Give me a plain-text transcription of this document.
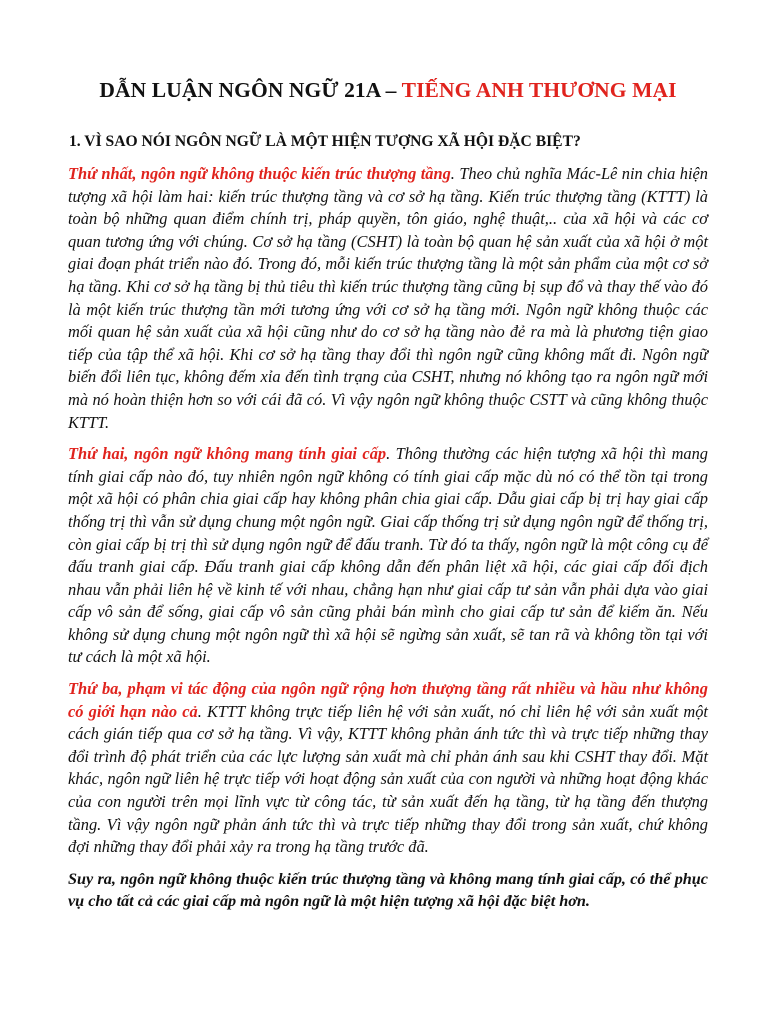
DẪN LUẬN NGÔN NGỮ 21A – TIẾNG ANH THƯƠNG MẠI
1. VÌ SAO NÓI NGÔN NGỮ LÀ MỘT HIỆN TƯỢNG XÃ HỘI ĐẶC BIỆT?

Thứ nhất, ngôn ngữ không thuộc kiến trúc thượng tầng. Theo chủ nghĩa Mác-Lê nin chia hiện tượng xã hội làm hai: kiến trúc thượng tầng và cơ sở hạ tầng. Kiến trúc thượng tầng (KTTT) là toàn bộ những quan điểm chính trị, pháp quyền, tôn giáo, nghệ thuật,.. của xã hội và các cơ quan tương ứng với chúng. Cơ sở hạ tầng (CSHT) là toàn bộ quan hệ sản xuất của xã hội ở một giai đoạn phát triển nào đó. Trong đó, mỗi kiến trúc thượng tầng là một sản phẩm của một cơ sở hạ tầng. Khi cơ sở hạ tầng bị thủ tiêu thì kiến trúc thượng tầng cũng bị sụp đổ và thay thế vào đó là một kiến trúc thượng tần mới tương ứng với cơ sở hạ tầng mới. Ngôn ngữ không thuộc các mối quan hệ sản xuất của xã hội cũng như do cơ sở hạ tầng nào đẻ ra mà là phương tiện giao tiếp của tập thể xã hội. Khi cơ sở hạ tầng thay đổi thì ngôn ngữ cũng không mất đi. Ngôn ngữ biến đổi liên tục, không đếm xỉa đến tình trạng của CSHT, nhưng nó không tạo ra ngôn ngữ mới mà nó hoàn thiện hơn so với cái đã có. Vì vậy ngôn ngữ không thuộc CSTT và cũng không thuộc KTTT.

Thứ hai, ngôn ngữ không mang tính giai cấp. Thông thường các hiện tượng xã hội thì mang tính giai cấp nào đó, tuy nhiên ngôn ngữ không có tính giai cấp mặc dù nó có thể tồn tại trong một xã hội có phân chia giai cấp hay không phân chia giai cấp. Dẫu giai cấp bị trị hay giai cấp thống trị thì vẫn sử dụng chung một ngôn ngữ. Giai cấp thống trị sử dụng ngôn ngữ để thống trị, còn giai cấp bị trị thì sử dụng ngôn ngữ để đấu tranh. Từ đó ta thấy, ngôn ngữ là một công cụ để đấu tranh giai cấp. Đấu tranh giai cấp không dẫn đến phân liệt xã hội, các giai cấp đối địch nhau vẫn phải liên hệ về kinh tế với nhau, chẳng hạn như giai cấp tư sản vẫn phải dựa vào giai cấp vô sản để sống, giai cấp vô sản cũng phải bán mình cho giai cấp tư sản để kiếm ăn. Nếu không sử dụng chung một ngôn ngữ thì xã hội sẽ ngừng sản xuất, sẽ tan rã và không tồn tại với tư cách là một xã hội.

Thứ ba, phạm vi tác động của ngôn ngữ rộng hơn thượng tầng rất nhiều và hầu như không có giới hạn nào cả. KTTT không trực tiếp liên hệ với sản xuất, nó chỉ liên hệ với sản xuất một cách gián tiếp qua cơ sở hạ tầng. Vì vậy, KTTT không phản ánh tức thì và trực tiếp những thay đổi trình độ phát triển của các lực lượng sản xuất mà chỉ phản ánh sau khi CSHT thay đổi. Mặt khác, ngôn ngữ liên hệ trực tiếp với hoạt động sản xuất của con người và những hoạt động khác của con người trên mọi lĩnh vực từ công tác, từ sản xuất đến hạ tầng, từ hạ tầng đến thượng tầng. Vì vậy ngôn ngữ phản ánh tức thì và trực tiếp những thay đổi trong sản xuất, chứ không đợi những thay đổi phải xảy ra trong hạ tầng trước đã.

Suy ra, ngôn ngữ không thuộc kiến trúc thượng tầng và không mang tính giai cấp, có thể phục vụ cho tất cả các giai cấp mà ngôn ngữ là một hiện tượng xã hội đặc biệt hơn.
